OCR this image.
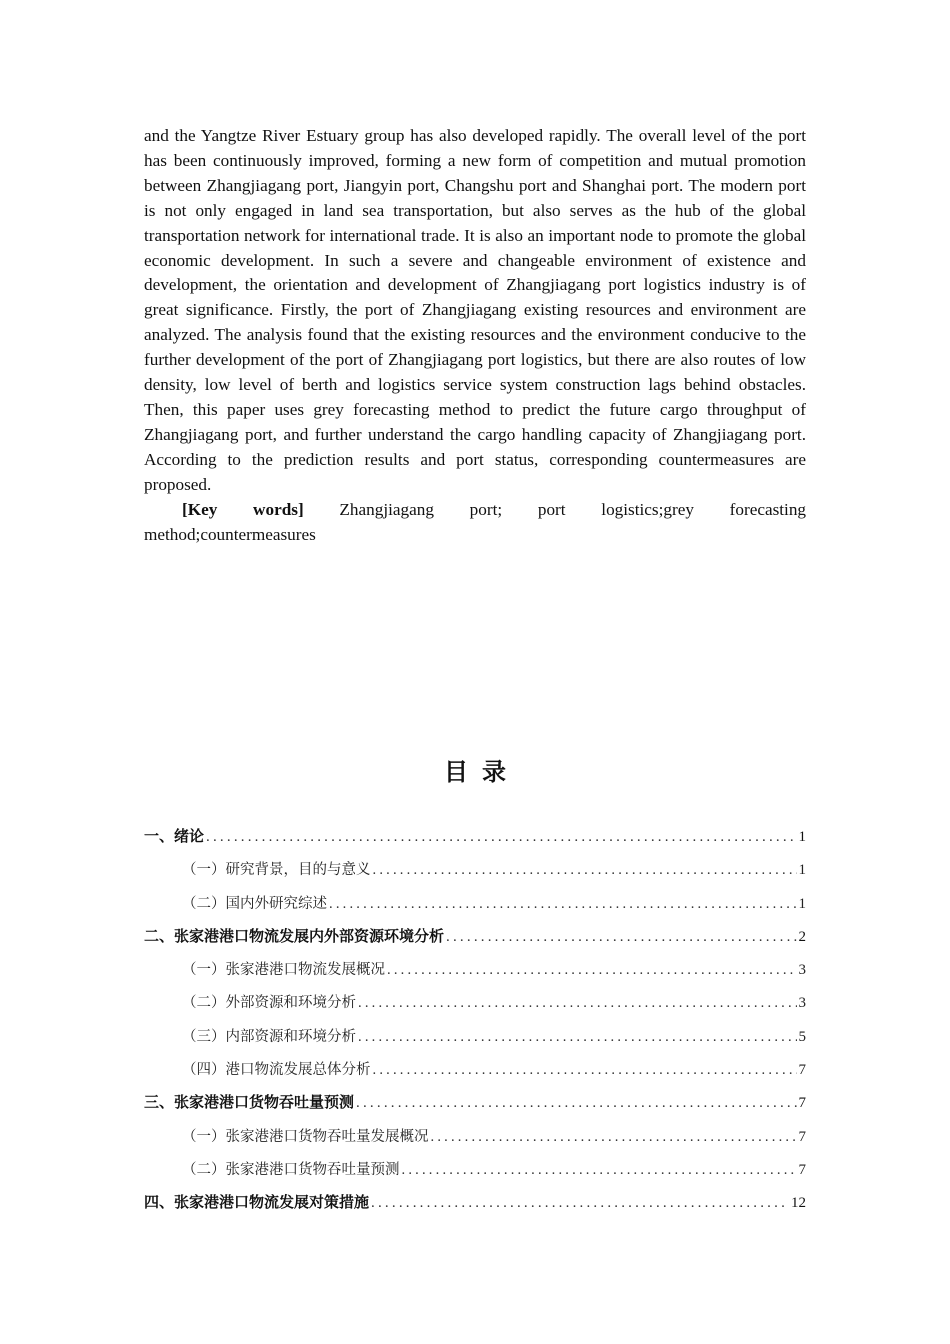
and the Yangtze River Estuary group has also developed rapidly. The overall level of the port has been continuously improved, forming a new form of competition and mutual promotion between Zhangjiagang port, Jiangyin port, Changshu port and Shanghai port. The modern port is not only engaged in land sea transportation, but also serves as the hub of the global transportation network for international trade. It is also an important node to promote the global economic development. In such a severe and changeable environment of existence and development, the orientation and development of Zhangjiagang port logistics industry is of great significance. Firstly, the port of Zhangjiagang existing resources and environment are analyzed. The analysis found that the existing resources and the environment conducive to the further development of the port of Zhangjiagang port logistics, but there are also routes of low density, low level of berth and logistics service system construction lags behind obstacles. Then, this paper uses grey forecasting method to predict the future cargo throughput of Zhangjiagang port, and further understand the cargo handling capacity of Zhangjiagang port. According to the prediction results and port status, corresponding countermeasures are proposed.

[Key words] Zhangjiagang port; port logistics;grey forecasting

method;countermeasures

目录
一、绪论 .....	1
（一）研究背景，目的与意义 .....	1
（二）国内外研究综述 .....	1
二、张家港港口物流发展内外部资源环境分析 .....	2
（一）张家港港口物流发展概况 .....	3
（二）外部资源和环境分析 .....	3
（三）内部资源和环境分析 .....	5
（四）港口物流发展总体分析 .....	7
三、张家港港口货物吞吐量预测 .....	7
（一）张家港港口货物吞吐量发展概况 .....	7
（二）张家港港口货物吞吐量预测 .....	7
四、张家港港口物流发展对策措施 .....	12
